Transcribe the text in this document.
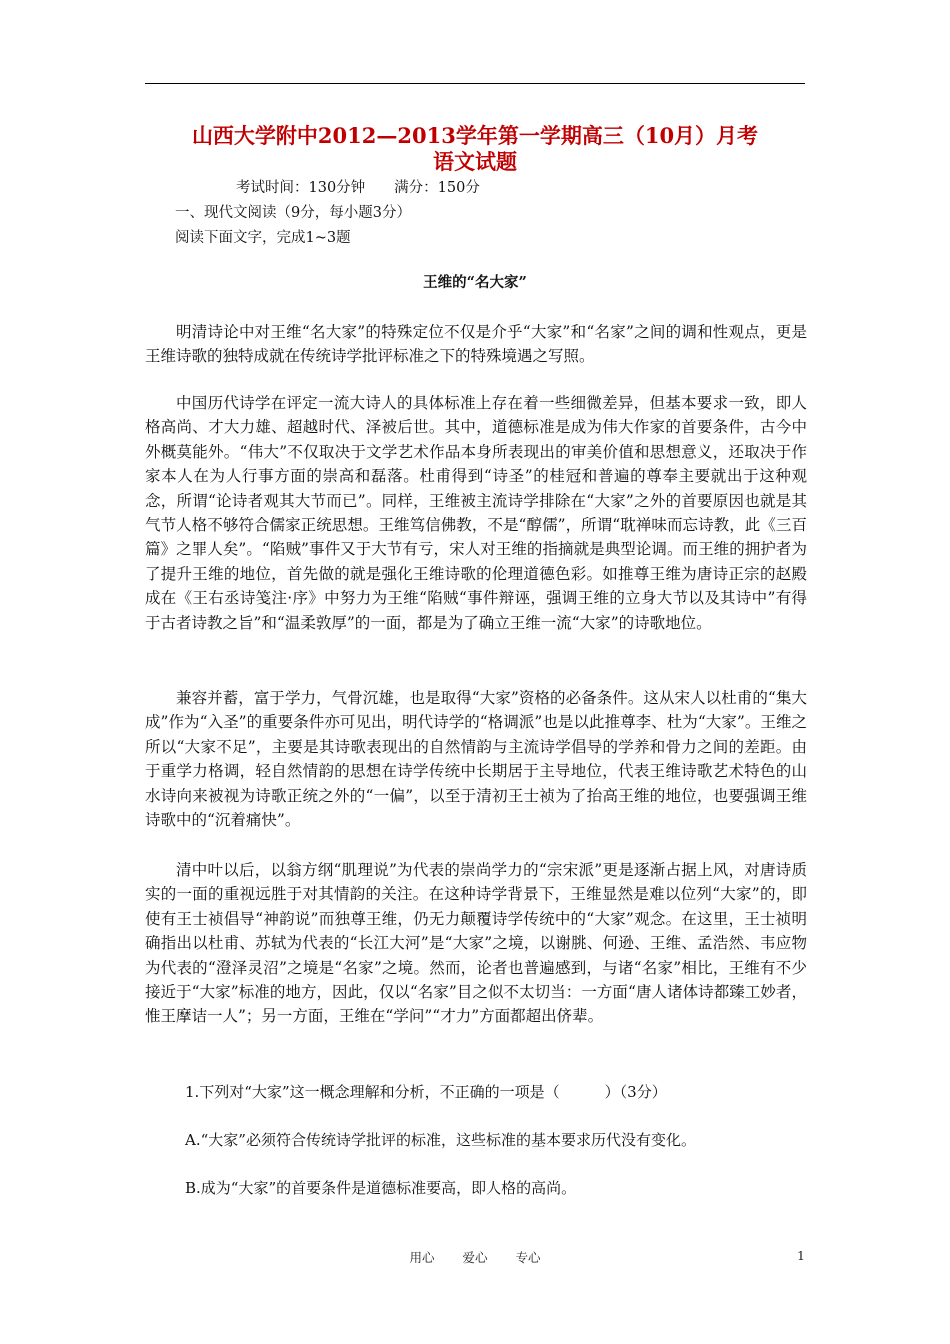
山西大学附中2012—2013学年第一学期高三（10月）月考
语文试题
考试时间：130分钟　　满分：150分
一、现代文阅读（9分，每小题3分）
阅读下面文字，完成1~3题
王维的“名大家”
明清诗论中对王维“名大家”的特殊定位不仅是介乎“大家”和“名家”之间的调和性观点，更是王维诗歌的独特成就在传统诗学批评标准之下的特殊境遇之写照。
中国历代诗学在评定一流大诗人的具体标准上存在着一些细微差异，但基本要求一致，即人格高尚、才大力雄、超越时代、泽被后世。其中，道德标准是成为伟大作家的首要条件，古今中外概莫能外。“伟大”不仅取决于文学艺术作品本身所表现出的审美价值和思想意义，还取决于作家本人在为人行事方面的崇高和磊落。杜甫得到“诗圣”的桂冠和普遍的尊奉主要就出于这种观念，所谓“论诗者观其大节而已”。同样，王维被主流诗学排除在“大家”之外的首要原因也就是其气节人格不够符合儒家正统思想。王维笃信佛教，不是“醇儒”，所谓“耽禅味而忘诗教，此《三百篇》之罪人矣”。“陷贼”事件又于大节有亏，宋人对王维的指摘就是典型论调。而王维的拥护者为了提升王维的地位，首先做的就是强化王维诗歌的伦理道德色彩。如推尊王维为唐诗正宗的赵殿成在《王右丞诗笺注·序》中努力为王维“陷贼“事件辩诬，强调王维的立身大节以及其诗中”有得于古者诗教之旨”和“温柔敦厚”的一面，都是为了确立王维一流“大家”的诗歌地位。
兼容并蓄，富于学力，气骨沉雄，也是取得“大家”资格的必备条件。这从宋人以杜甫的“集大成”作为“入圣”的重要条件亦可见出，明代诗学的“格调派”也是以此推尊李、杜为“大家”。王维之所以“大家不足”，主要是其诗歌表现出的自然情韵与主流诗学倡导的学养和骨力之间的差距。由于重学力格调，轻自然情韵的思想在诗学传统中长期居于主导地位，代表王维诗歌艺术特色的山水诗向来被视为诗歌正统之外的“一偏”，以至于清初王士祯为了抬高王维的地位，也要强调王维诗歌中的“沉着痛快”。
清中叶以后，以翁方纲“肌理说”为代表的崇尚学力的“宗宋派”更是逐渐占据上风，对唐诗质实的一面的重视远胜于对其情韵的关注。在这种诗学背景下，王维显然是难以位列“大家”的，即使有王士祯倡导“神韵说”而独尊王维，仍无力颠覆诗学传统中的“大家”观念。在这里，王士祯明确指出以杜甫、苏轼为代表的“长江大河”是“大家”之境，以谢朓、何逊、王维、孟浩然、韦应物为代表的“澄泽灵沼”之境是“名家”之境。然而，论者也普遍感到，与诸“名家”相比，王维有不少接近于“大家”标准的地方，因此，仅以“名家”目之似不太切当：一方面“唐人诸体诗都臻工妙者，惟王摩诘一人”；另一方面，王维在“学问”“才力”方面都超出侪辈。
1.下列对“大家”这一概念理解和分析，不正确的一项是（　　　）（3分）
A.“大家”必须符合传统诗学批评的标准，这些标准的基本要求历代没有变化。
B.成为“大家”的首要条件是道德标准要高，即人格的高尚。
用心 爱心 专心	1
